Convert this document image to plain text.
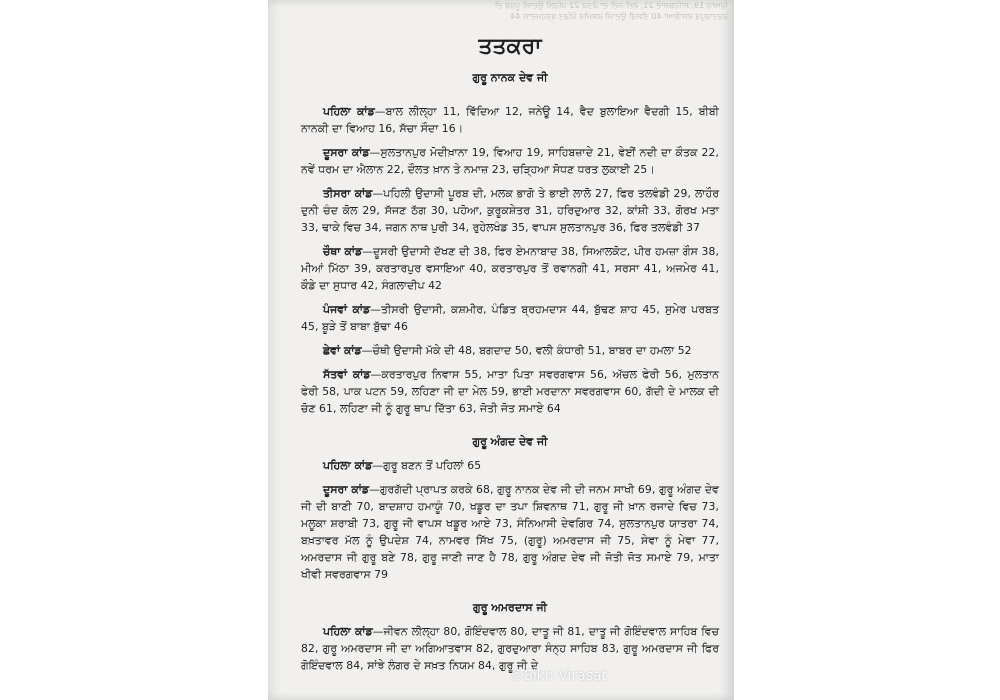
ਵਿਆਹ 19, ਸਾਹਿਬਜ਼ਾਦੇ 21, ਵੇਈਂ ਨਦੀ ਦਾ ਕੌਤਕ 22 ਪਹਿਲੀ ਉਦਾਸੀ ਪੂਰਬ ਦੀ
ਕਰਤਾਰਪੁਰ ਵਸਾਇਆ 40 ਤੀਸਰੀ ਉਦਾਸੀ ਕਸ਼ਮੀਰ ਪੰਡਿਤ ਬ੍ਰਹਮਦਾਸ 44
ਤਤਕਰਾ
ਗੁਰੂ ਨਾਨਕ ਦੇਵ ਜੀ

ਪਹਿਲਾ ਕਾਂਡ—ਬਾਲ ਲੀਲ੍ਹਾ 11, ਵਿੱਦਿਆ 12, ਜਨੇਊ 14, ਵੈਦ ਬੁਲਾਇਆ ਵੈਦਗੀ 15, ਬੀਬੀ ਨਾਨਕੀ ਦਾ ਵਿਆਹ 16, ਸੱਚਾ ਸੌਦਾ 16।

ਦੂਸਰਾ ਕਾਂਡ—ਸੁਲਤਾਨਪੁਰ ਮੋਦੀਖ਼ਾਨਾ 19, ਵਿਆਹ 19, ਸਾਹਿਬਜ਼ਾਦੇ 21, ਵੇਈਂ ਨਦੀ ਦਾ ਕੌਤਕ 22, ਨਵੇਂ ਧਰਮ ਦਾ ਐਲਾਨ 22, ਦੌਲਤ ਖ਼ਾਨ ਤੇ ਨਮਾਜ਼ 23, ਚੜ੍ਹਿਆ ਸੋਧਣ ਧਰਤ ਲੁਕਾਈ 25।

ਤੀਸਰਾ ਕਾਂਡ—ਪਹਿਲੀ ਉਦਾਸੀ ਪੂਰਬ ਦੀ, ਮਲਕ ਭਾਗੋ ਤੇ ਭਾਈ ਲਾਲੋ 27, ਫਿਰ ਤਲਵੰਡੀ 29, ਲਾਹੌਰ ਦੁਨੀ ਚੰਦ ਕੋਲ 29, ਸੱਜਣ ਠੱਗ 30, ਪਹੋਆ, ਕੁਰੂਕਸ਼ੇਤਰ 31, ਹਰਿਦੁਆਰ 32, ਕਾਂਸ਼ੀ 33, ਗੋਰਖ ਮਤਾ 33, ਢਾਕੇ ਵਿਚ 34, ਜਗਨ ਨਾਥ ਪੁਰੀ 34, ਰੁਹੇਲਖੰਡ 35, ਵਾਪਸ ਸੁਲਤਾਨਪੁਰ 36, ਫਿਰ ਤਲਵੰਡੀ 37

ਚੌਥਾ ਕਾਂਡ—ਦੂਸਰੀ ਉਦਾਸੀ ਦੱਖਣ ਦੀ 38, ਫਿਰ ਏਮਨਾਬਾਦ 38, ਸਿਆਲਕੋਟ, ਪੀਰ ਹਮਜ਼ਾ ਗੌਸ 38, ਮੀਆਂ ਮਿੱਠਾ 39, ਕਰਤਾਰਪੁਰ ਵਸਾਇਆ 40, ਕਰਤਾਰਪੁਰ ਤੋਂ ਰਵਾਨਗੀ 41, ਸਰਸਾ 41, ਅਜਮੇਰ 41, ਕੌਡੇ ਦਾ ਸੁਧਾਰ 42, ਸੰਗਲਾਦੀਪ 42

ਪੰਜਵਾਂ ਕਾਂਡ—ਤੀਸਰੀ ਉਦਾਸੀ, ਕਸ਼ਮੀਰ, ਪੰਡਿਤ ਬ੍ਰਹਮਦਾਸ 44, ਬੁੱਢਣ ਸ਼ਾਹ 45, ਸੁਮੇਰ ਪਰਬਤ 45, ਬੂੜੇ ਤੋਂ ਬਾਬਾ ਬੁੱਢਾ 46

ਛੇਵਾਂ ਕਾਂਡ—ਚੌਥੀ ਉਦਾਸੀ ਮੱਕੇ ਦੀ 48, ਬਗਦਾਦ 50, ਵਲੀ ਕੰਧਾਰੀ 51, ਬਾਬਰ ਦਾ ਹਮਲਾ 52

ਸੱਤਵਾਂ ਕਾਂਡ—ਕਰਤਾਰਪੁਰ ਨਿਵਾਸ 55, ਮਾਤਾ ਪਿਤਾ ਸਵਰਗਵਾਸ 56, ਅੱਚਲ ਫੇਰੀ 56, ਮੁਲਤਾਨ ਫੇਰੀ 58, ਪਾਕ ਪਟਨ 59, ਲਹਿਣਾ ਜੀ ਦਾ ਮੇਲ 59, ਭਾਈ ਮਰਦਾਨਾ ਸਵਰਗਵਾਸ 60, ਗੱਦੀ ਦੇ ਮਾਲਕ ਦੀ ਚੋਣ 61, ਲਹਿਣਾ ਜੀ ਨੂੰ ਗੁਰੂ ਥਾਪ ਦਿੱਤਾ 63, ਜੋਤੀ ਜੋਤ ਸਮਾਏ 64

ਗੁਰੂ ਅੰਗਦ ਦੇਵ ਜੀ

ਪਹਿਲਾ ਕਾਂਡ—ਗੁਰੂ ਬਣਨ ਤੋਂ ਪਹਿਲਾਂ 65

ਦੂਸਰਾ ਕਾਂਡ—ਗੁਰਗੱਦੀ ਪ੍ਰਾਪਤ ਕਰਕੇ 68, ਗੁਰੂ ਨਾਨਕ ਦੇਵ ਜੀ ਦੀ ਜਨਮ ਸਾਖੀ 69, ਗੁਰੂ ਅੰਗਦ ਦੇਵ ਜੀ ਦੀ ਬਾਣੀ 70, ਬਾਦਸ਼ਾਹ ਹਮਾਯੂੰ 70, ਖਡੂਰ ਦਾ ਤਪਾ ਸ਼ਿਵਨਾਥ 71, ਗੁਰੂ ਜੀ ਖ਼ਾਨ ਰਜਾਦੇ ਵਿਚ 73, ਮਲੂਕਾ ਸ਼ਰਾਬੀ 73, ਗੁਰੂ ਜੀ ਵਾਪਸ ਖਡੂਰ ਆਏ 73, ਸੰਨਿਆਸੀ ਦੇਵਗਿਰ 74, ਸੁਲਤਾਨਪੁਰ ਯਾਤਰਾ 74, ਬਖ਼ਤਾਵਰ ਮੱਲ ਨੂੰ ਉਪਦੇਸ਼ 74, ਨਾਮਵਰ ਸਿੱਖ 75, (ਗੁਰੂ) ਅਮਰਦਾਸ ਜੀ 75, ਸੇਵਾ ਨੂੰ ਮੇਵਾ 77, ਅਮਰਦਾਸ ਜੀ ਗੁਰੂ ਬਣੇ 78, ਗੁਰੂ ਜਾਣੀ ਜਾਣ ਹੈ 78, ਗੁਰੂ ਅੰਗਦ ਦੇਵ ਜੀ ਜੋਤੀ ਜੋਤ ਸਮਾਏ 79, ਮਾਤਾ ਖੀਵੀ ਸਵਰਗਵਾਸ 79

ਗੁਰੂ ਅਮਰਦਾਸ ਜੀ

ਪਹਿਲਾ ਕਾਂਡ—ਜੀਵਨ ਲੀਲ੍ਹਾ 80, ਗੋਇੰਦਵਾਲ 80, ਦਾਤੂ ਜੀ 81, ਦਾਤੂ ਜੀ ਗੋਇੰਦਵਾਲ ਸਾਹਿਬ ਵਿਚ 82, ਗੁਰੂ ਅਮਰਦਾਸ ਜੀ ਦਾ ਅਗਿਆਤਵਾਸ 82, ਗੁਰਦੁਆਰਾ ਸੰਨ੍ਹ ਸਾਹਿਬ 83, ਗੁਰੂ ਅਮਰਦਾਸ ਜੀ ਫਿਰ ਗੋਇੰਦਵਾਲ 84, ਸਾਂਝੇ ਲੰਗਰ ਦੇ ਸਖ਼ਤ ਨਿਯਮ 84, ਗੁਰੂ ਜੀ ਦੇ

©Sikh Virasat
